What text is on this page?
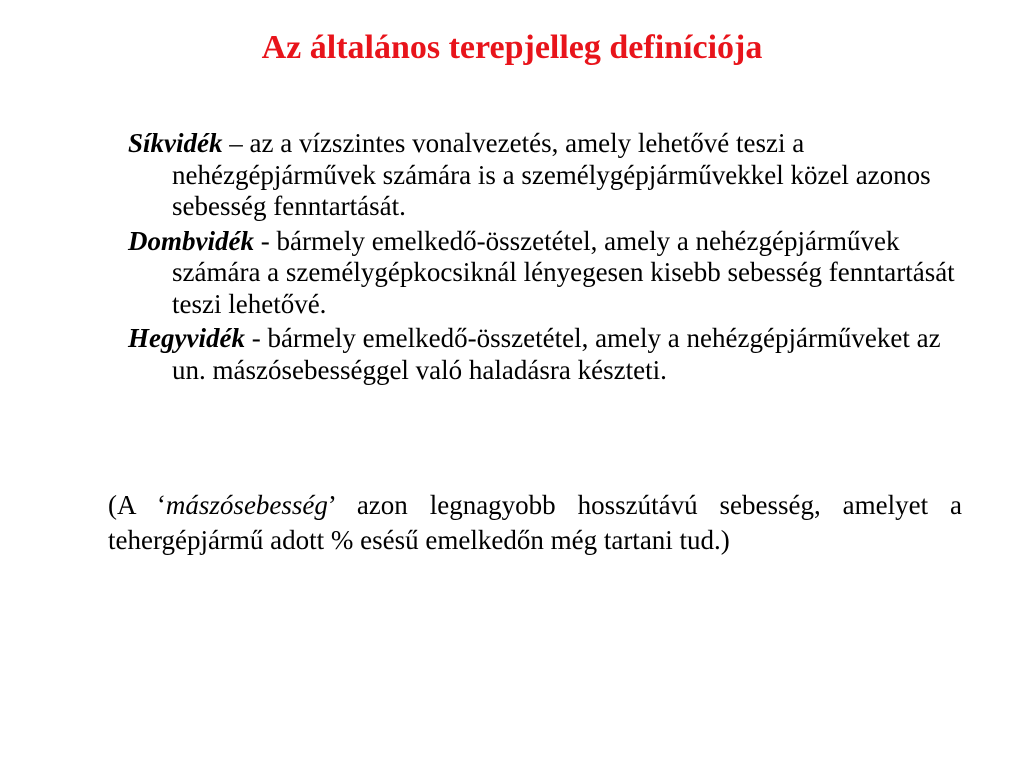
Az általános terepjelleg definíciója
Síkvidék – az a vízszintes vonalvezetés, amely lehetővé teszi a nehézgépjárművek számára is a személygépjárművekkel közel azonos sebesség fenntartását.
Dombvidék - bármely emelkedő-összetétel, amely a nehézgépjárművek számára a személygépkocsiknál lényegesen kisebb sebesség fenntartását teszi lehetővé.
Hegyvidék - bármely emelkedő-összetétel, amely a nehézgépjárműveket az un. mászósebességgel való haladásra készteti.

(A ‘mászósebesség’ azon legnagyobb hosszútávú sebesség, amelyet a tehergépjármű adott % esésű emelkedőn még tartani tud.)
